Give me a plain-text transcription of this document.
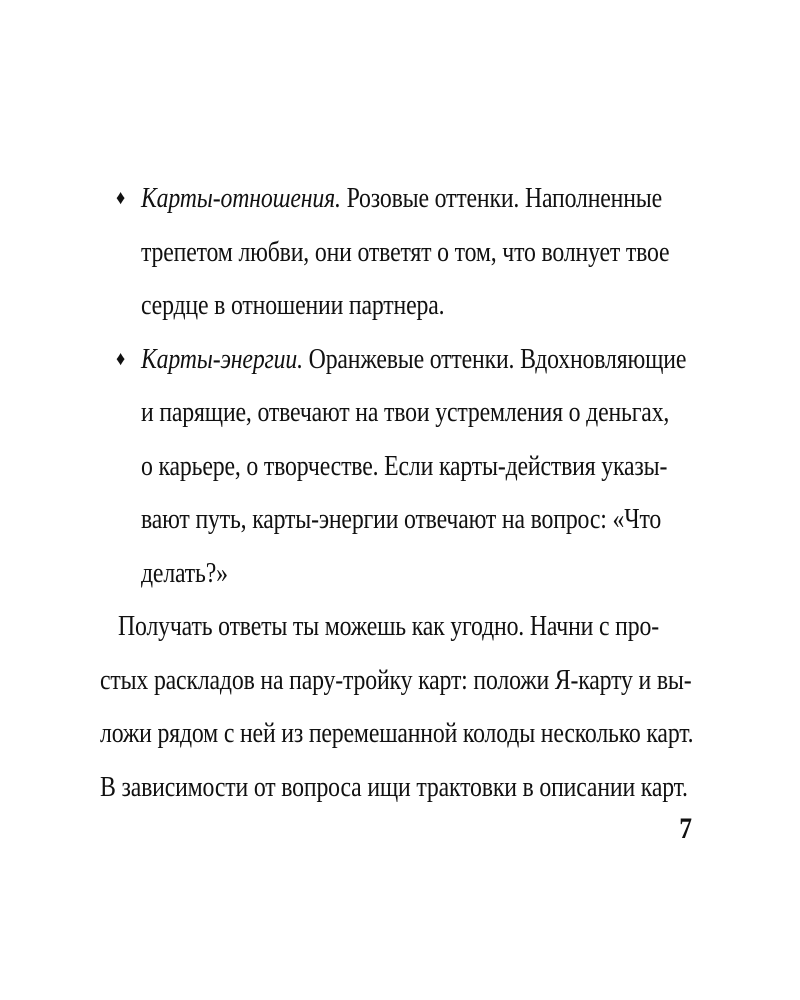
♦ Карты-отношения. Розовые оттенки. Наполненные
трепетом любви, они ответят о том, что волнует твое
сердце в отношении партнера.
♦ Карты-энергии. Оранжевые оттенки. Вдохновляющие
и парящие, отвечают на твои устремления о деньгах,
о карьере, о творчестве. Если карты-действия указы-
вают путь, карты-энергии отвечают на вопрос: «Что
делать?»
Получать ответы ты можешь как угодно. Начни с про-
стых раскладов на пару-тройку карт: положи Я-карту и вы-
ложи рядом с ней из перемешанной колоды несколько карт.
В зависимости от вопроса ищи трактовки в описании карт.
7
